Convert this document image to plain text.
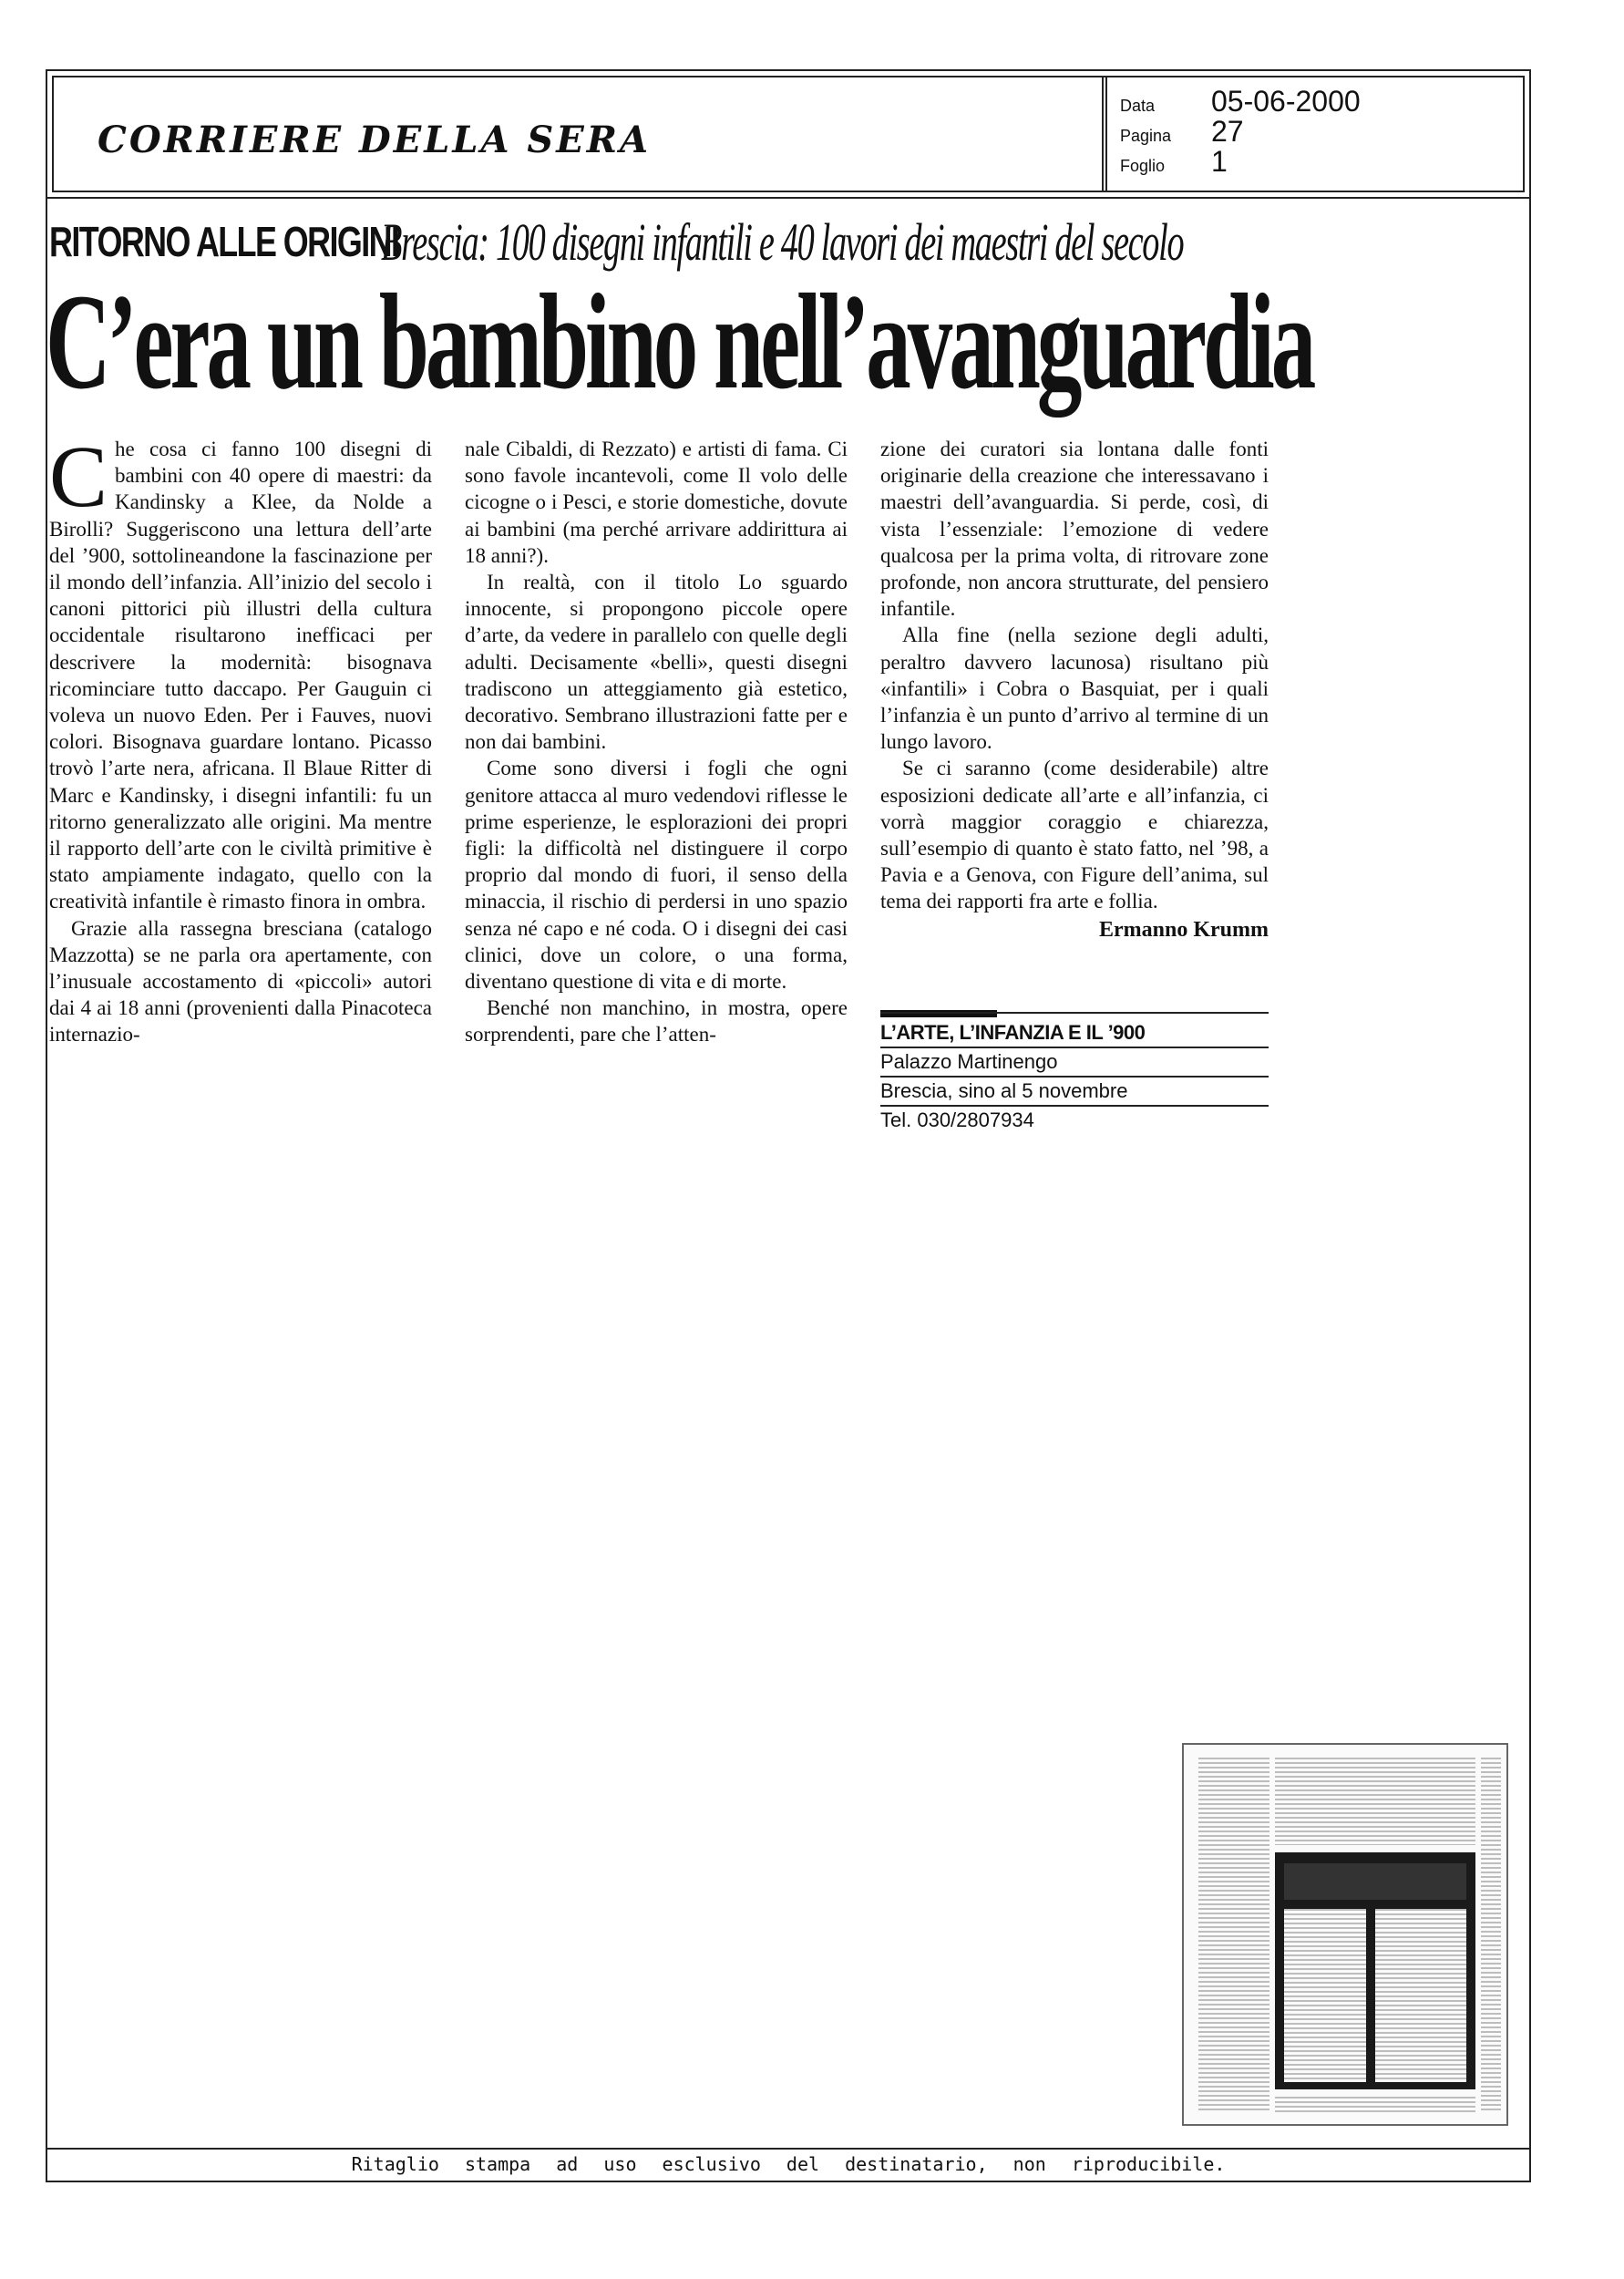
CORRIERE DELLA SERA
Data	05-06-2000
Pagina	27
Foglio	1
RITORNO ALLE ORIGINI
Brescia: 100 disegni infantili e 40 lavori dei maestri del secolo
C’era un bambino nell’avanguardia

Che cosa ci fanno 100 disegni di bambini con 40 opere di maestri: da Kandinsky a Klee, da Nolde a Birolli? Suggeriscono una lettura dell’arte del ’900, sottolineandone la fascinazione per il mondo dell’infanzia. All’inizio del secolo i canoni pittorici più illustri della cultura occidentale risultarono inefficaci per descrivere la modernità: bisognava ricominciare tutto daccapo. Per Gauguin ci voleva un nuovo Eden. Per i Fauves, nuovi colori. Bisognava guardare lontano. Picasso trovò l’arte nera, africana. Il Blaue Ritter di Marc e Kandinsky, i disegni infantili: fu un ritorno generalizzato alle origini. Ma mentre il rapporto dell’arte con le civiltà primitive è stato ampiamente indagato, quello con la creatività infantile è rimasto finora in ombra.

Grazie alla rassegna bresciana (catalogo Mazzotta) se ne parla ora apertamente, con l’inusuale accostamento di «piccoli» autori dai 4 ai 18 anni (provenienti dalla Pinacoteca internazio-

nale Cibaldi, di Rezzato) e artisti di fama. Ci sono favole incantevoli, come Il volo delle cicogne o i Pesci, e storie domestiche, dovute ai bambini (ma perché arrivare addirittura ai 18 anni?).

In realtà, con il titolo Lo sguardo innocente, si propongono piccole opere d’arte, da vedere in parallelo con quelle degli adulti. Decisamente «belli», questi disegni tradiscono un atteggiamento già estetico, decorativo. Sembrano illustrazioni fatte per e non dai bambini.

Come sono diversi i fogli che ogni genitore attacca al muro vedendovi riflesse le prime esperienze, le esplorazioni dei propri figli: la difficoltà nel distinguere il corpo proprio dal mondo di fuori, il senso della minaccia, il rischio di perdersi in uno spazio senza né capo e né coda. O i disegni dei casi clinici, dove un colore, o una forma, diventano questione di vita e di morte.

Benché non manchino, in mostra, opere sorprendenti, pare che l’atten-

zione dei curatori sia lontana dalle fonti originarie della creazione che interessavano i maestri dell’avanguardia. Si perde, così, di vista l’essenziale: l’emozione di vedere qualcosa per la prima volta, di ritrovare zone profonde, non ancora strutturate, del pensiero infantile.

Alla fine (nella sezione degli adulti, peraltro davvero lacunosa) risultano più «infantili» i Cobra o Basquiat, per i quali l’infanzia è un punto d’arrivo al termine di un lungo lavoro.

Se ci saranno (come desiderabile) altre esposizioni dedicate all’arte e all’infanzia, ci vorrà maggior coraggio e chiarezza, sull’esempio di quanto è stato fatto, nel ’98, a Pavia e a Genova, con Figure dell’anima, sul tema dei rapporti fra arte e follia.

Ermanno Krumm
L’ARTE, L’INFANZIA E IL ’900
Palazzo Martinengo
Brescia, sino al 5 novembre
Tel. 030/2807934
Ritaglio stampa ad uso esclusivo del destinatario, non riproducibile.
